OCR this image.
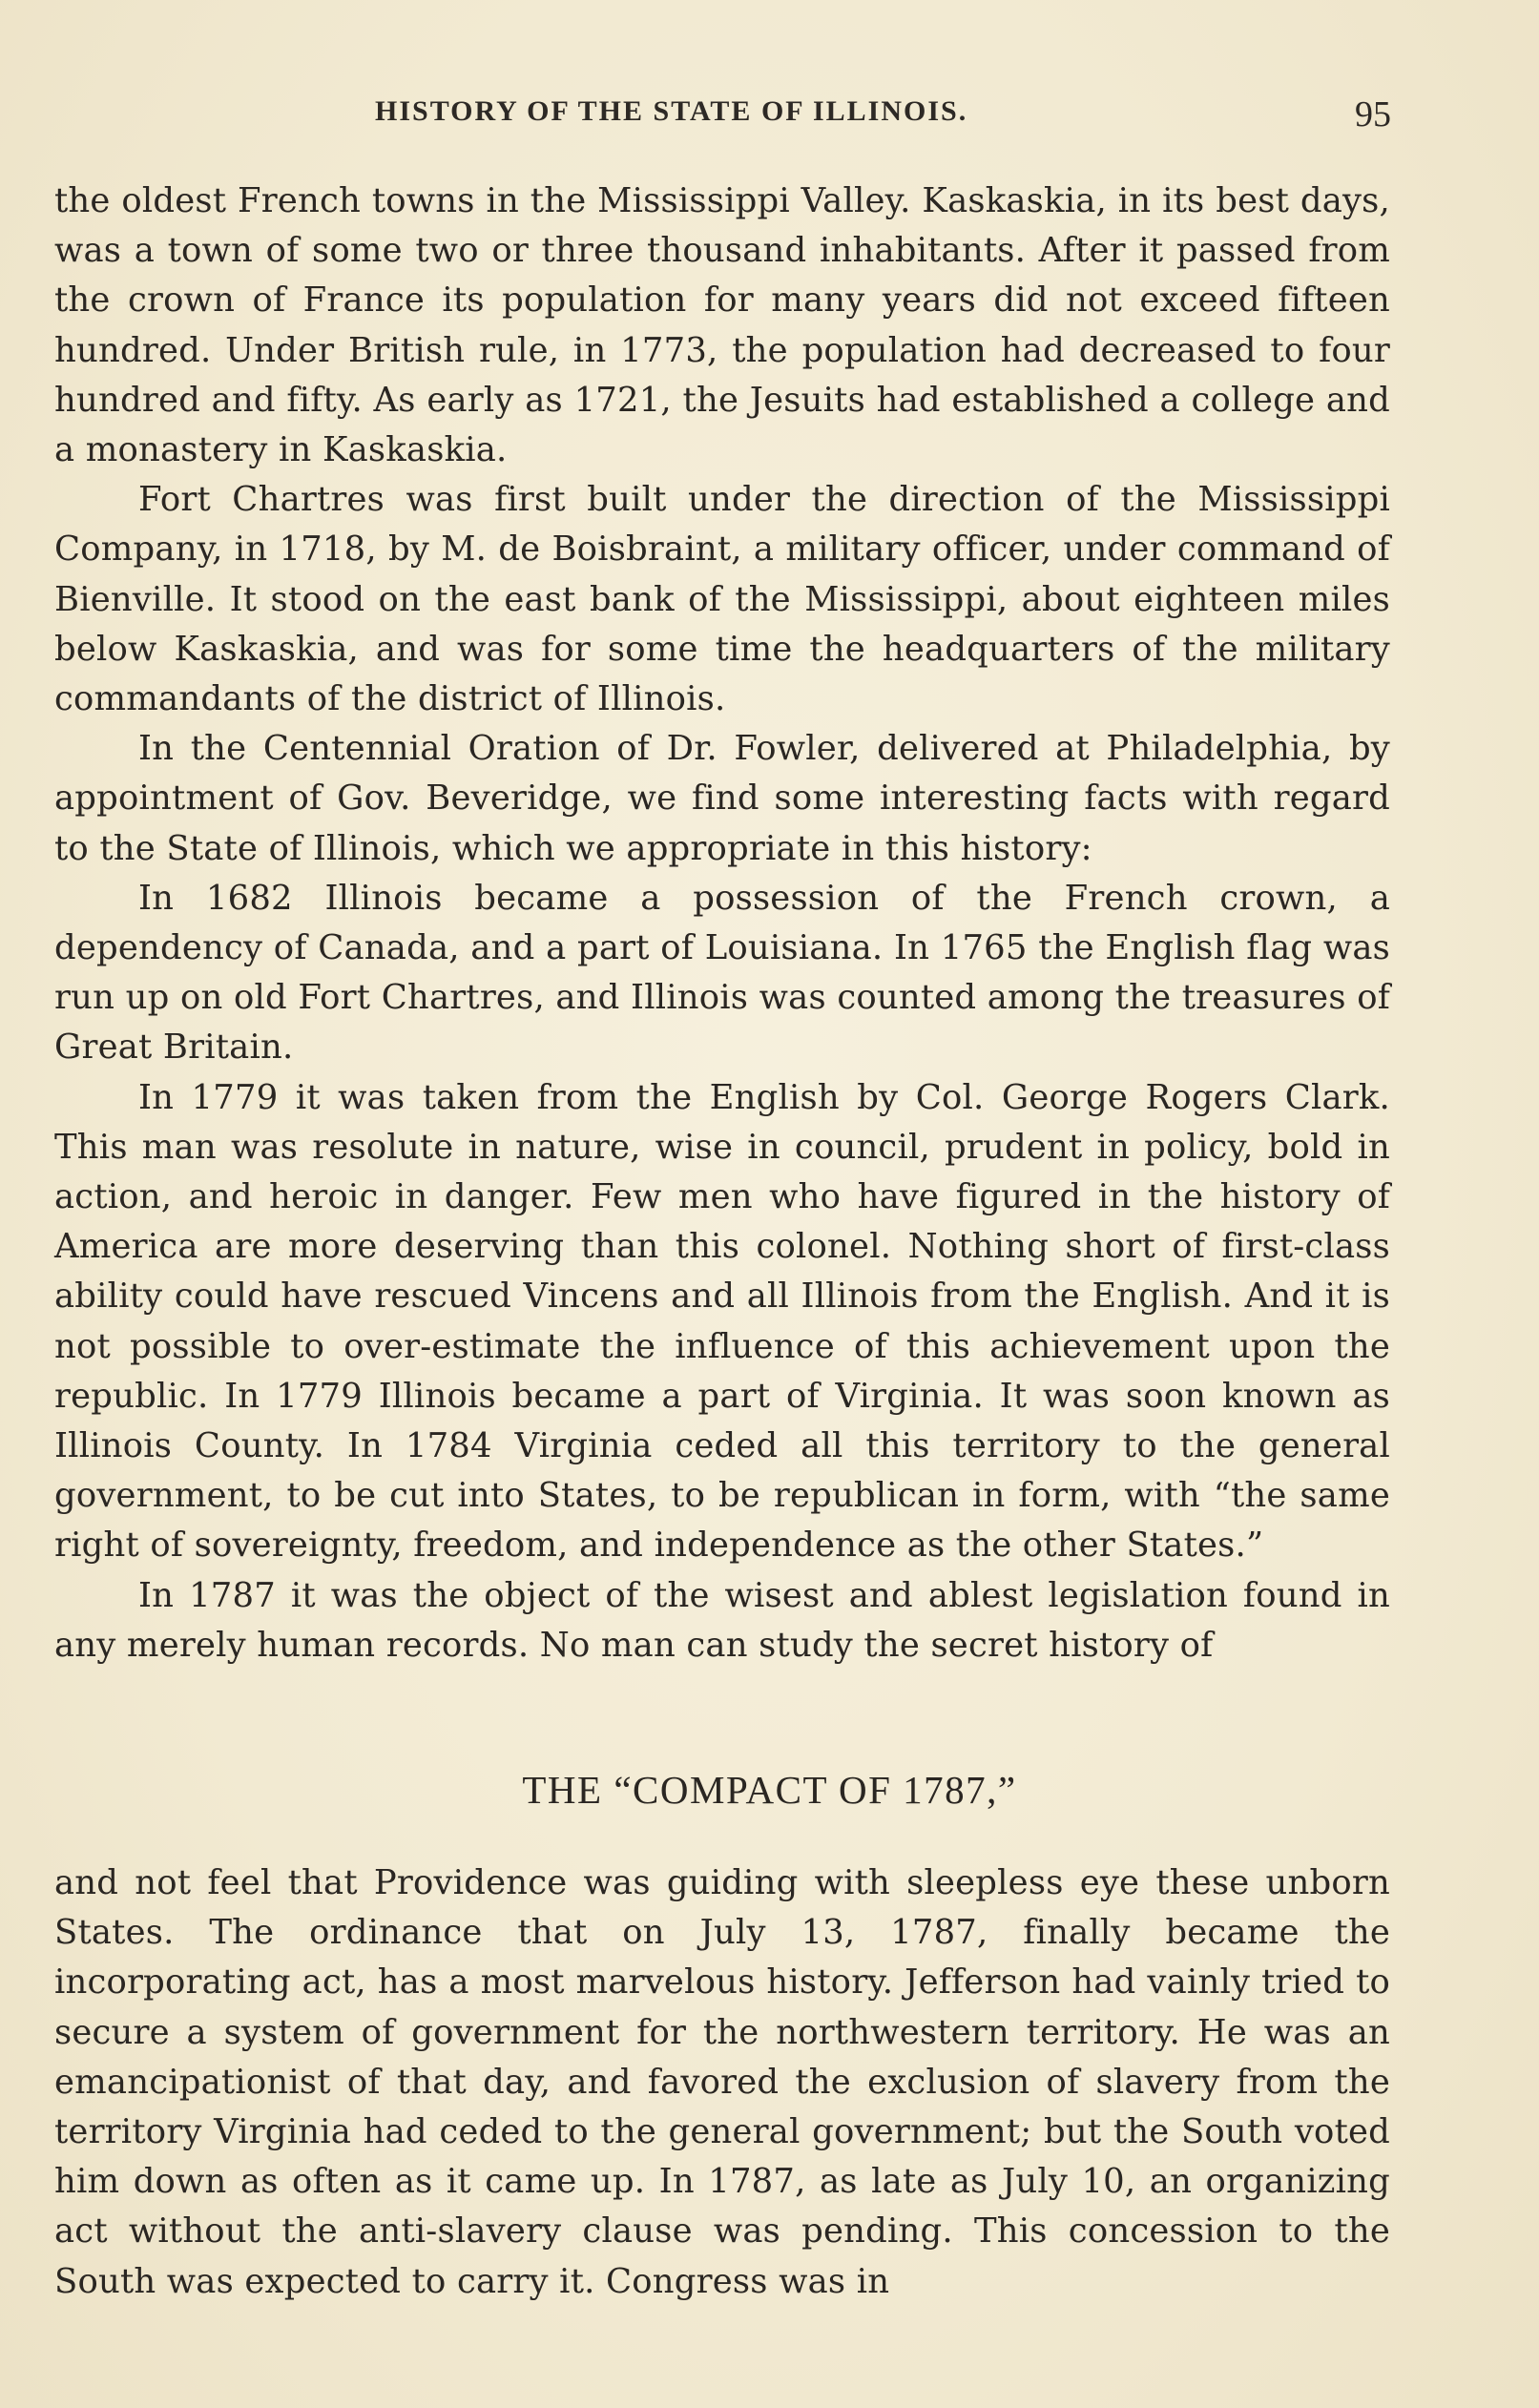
HISTORY OF THE STATE OF ILLINOIS.	95

the oldest French towns in the Mississippi Valley. Kaskaskia, in its best days, was a town of some two or three thousand inhabitants. After it passed from the crown of France its population for many years did not exceed fifteen hundred. Under British rule, in 1773, the population had decreased to four hundred and fifty. As early as 1721, the Jesuits had established a college and a monastery in Kaskaskia.

Fort Chartres was first built under the direction of the Mississippi Company, in 1718, by M. de Boisbraint, a military officer, under command of Bienville. It stood on the east bank of the Mississippi, about eighteen miles below Kaskaskia, and was for some time the headquarters of the military commandants of the district of Illinois.

In the Centennial Oration of Dr. Fowler, delivered at Philadelphia, by appointment of Gov. Beveridge, we find some interesting facts with regard to the State of Illinois, which we appropriate in this history:

In 1682 Illinois became a possession of the French crown, a dependency of Canada, and a part of Louisiana. In 1765 the English flag was run up on old Fort Chartres, and Illinois was counted among the treasures of Great Britain.

In 1779 it was taken from the English by Col. George Rogers Clark. This man was resolute in nature, wise in council, prudent in policy, bold in action, and heroic in danger. Few men who have figured in the history of America are more deserving than this colonel. Nothing short of first-class ability could have rescued Vincens and all Illinois from the English. And it is not possible to over-estimate the influence of this achievement upon the republic. In 1779 Illinois became a part of Virginia. It was soon known as Illinois County. In 1784 Virginia ceded all this territory to the general government, to be cut into States, to be republican in form, with “the same right of sovereignty, freedom, and independence as the other States.”

In 1787 it was the object of the wisest and ablest legislation found in any merely human records. No man can study the secret history of

THE “COMPACT OF 1787,”

and not feel that Providence was guiding with sleepless eye these unborn States. The ordinance that on July 13, 1787, finally became the incorporating act, has a most marvelous history. Jefferson had vainly tried to secure a system of government for the northwestern territory. He was an emancipationist of that day, and favored the exclusion of slavery from the territory Virginia had ceded to the general government; but the South voted him down as often as it came up. In 1787, as late as July 10, an organizing act without the anti-slavery clause was pending. This concession to the South was expected to carry it. Congress was in
